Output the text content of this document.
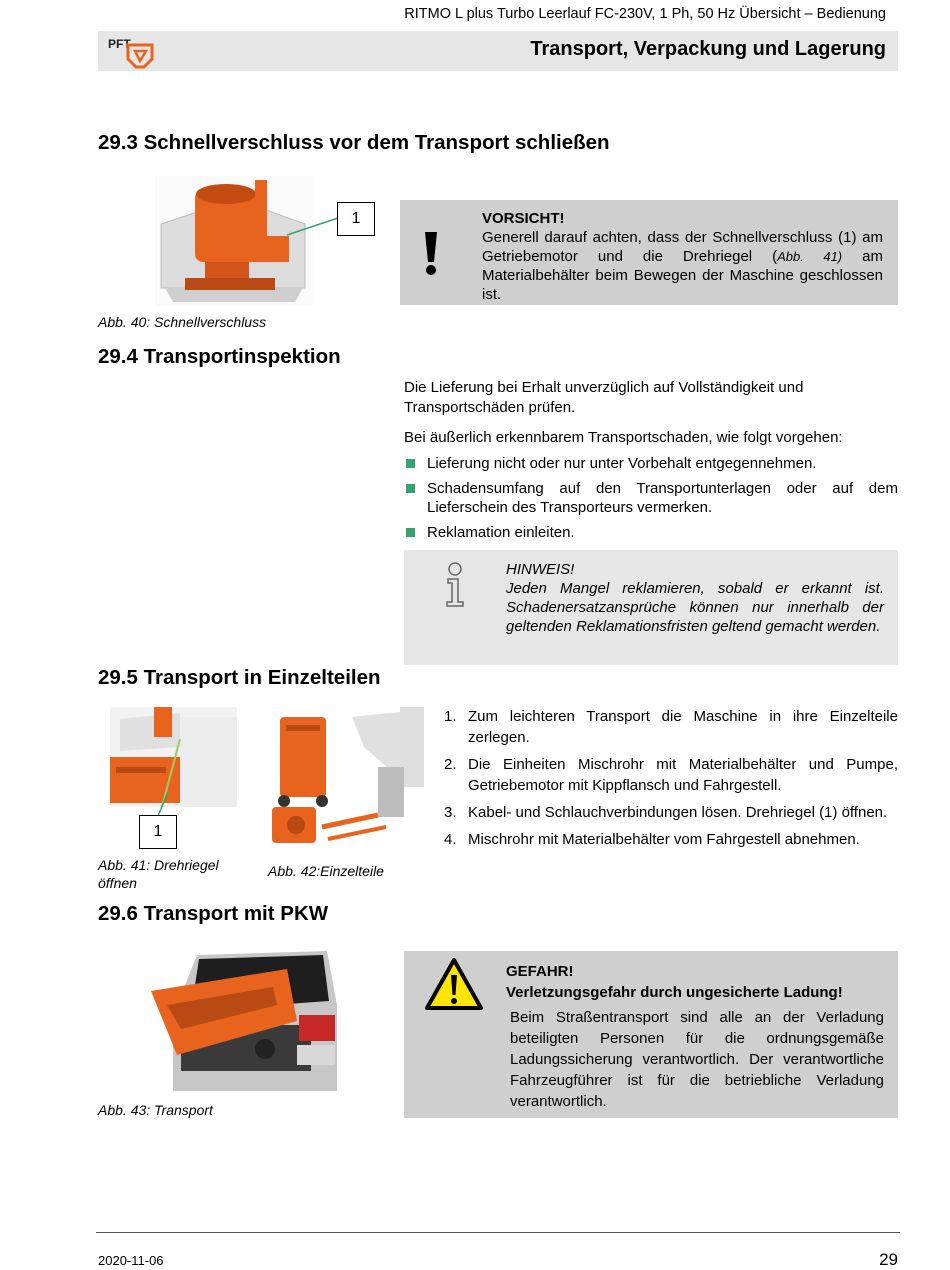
RITMO L plus Turbo Leerlauf FC-230V, 1 Ph, 50 Hz Übersicht – Bedienung
PFT	Transport, Verpackung und Lagerung
29.3 Schnellverschluss vor dem Transport schließen
1
Abb. 40: Schnellverschluss
VORSICHT!
Generell darauf achten, dass der Schnellverschluss (1) am Getriebemotor und die Drehriegel (Abb. 41) am Materialbehälter beim Bewegen der Maschine geschlossen ist.
29.4 Transportinspektion
Die Lieferung bei Erhalt unverzüglich auf Vollständigkeit und Transportschäden prüfen.
Bei äußerlich erkennbarem Transportschaden, wie folgt vorgehen:
Lieferung nicht oder nur unter Vorbehalt entgegennehmen.
Schadensumfang auf den Transportunterlagen oder auf dem Lieferschein des Transporteurs vermerken.
Reklamation einleiten.
HINWEIS!
Jeden Mangel reklamieren, sobald er erkannt ist. Schadenersatzansprüche können nur innerhalb der geltenden Reklamationsfristen geltend gemacht werden.
29.5 Transport in Einzelteilen
1
Abb. 41: Drehriegel öffnen
Abb. 42:Einzelteile
1. Zum leichteren Transport die Maschine in ihre Einzelteile zerlegen.
2. Die Einheiten Mischrohr mit Materialbehälter und Pumpe, Getriebemotor mit Kippflansch und Fahrgestell.
3. Kabel- und Schlauchverbindungen lösen. Drehriegel (1) öffnen.
4. Mischrohr mit Materialbehälter vom Fahrgestell abnehmen.
29.6 Transport mit PKW
Abb. 43: Transport
GEFAHR!
Verletzungsgefahr durch ungesicherte Ladung!
Beim Straßentransport sind alle an der Verladung beteiligten Personen für die ordnungsgemäße Ladungssicherung verantwortlich. Der verantwortliche Fahrzeugführer ist für die betriebliche Verladung verantwortlich.
2020-11-06	29
